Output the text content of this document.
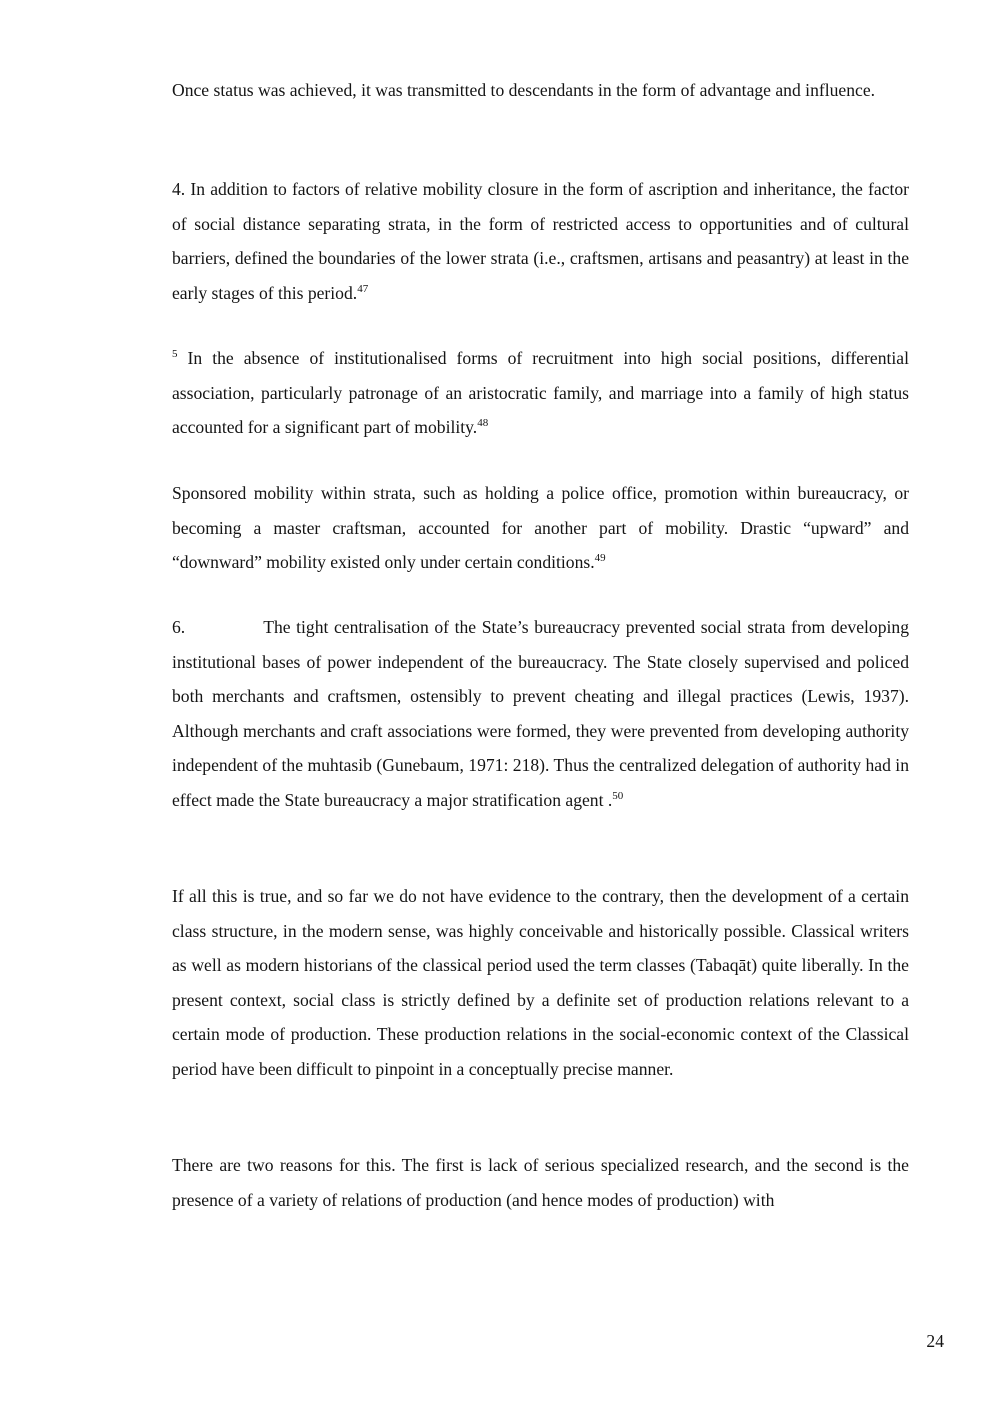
Once status was achieved, it was transmitted to descendants in the form of advantage and influence.

4. In addition to factors of relative mobility closure in the form of ascription and inheritance, the factor of social distance separating strata, in the form of restricted access to opportunities and of cultural barriers, defined the boundaries of the lower strata (i.e., craftsmen, artisans and peasantry) at least in the early stages of this period.$^{47}$

$^5$ In the absence of institutionalised forms of recruitment into high social positions, differential association, particularly patronage of an aristocratic family, and marriage into a family of high status accounted for a significant part of mobility.$^{48}$

Sponsored mobility within strata, such as holding a police office, promotion within bureaucracy, or becoming a master craftsman, accounted for another part of mobility. Drastic “upward” and “downward” mobility existed only under certain conditions.$^{49}$

6.	The tight centralisation of the State’s bureaucracy prevented social strata from developing institutional bases of power independent of the bureaucracy. The State closely supervised and policed both merchants and craftsmen, ostensibly to prevent cheating and illegal practices (Lewis, 1937). Although merchants and craft associations were formed, they were prevented from developing authority independent of the muhtasib (Gunebaum, 1971: 218). Thus the centralized delegation of authority had in effect made the State bureaucracy a major stratification agent .$^{50}$

If all this is true, and so far we do not have evidence to the contrary, then the development of a certain class structure, in the modern sense, was highly conceivable and historically possible. Classical writers as well as modern historians of the classical period used the term classes (Tabaqāt) quite liberally. In the present context, social class is strictly defined by a definite set of production relations relevant to a certain mode of production. These production relations in the social-economic context of the Classical period have been difficult to pinpoint in a conceptually precise manner.

There are two reasons for this. The first is lack of serious specialized research, and the second is the presence of a variety of relations of production (and hence modes of production) with

24
